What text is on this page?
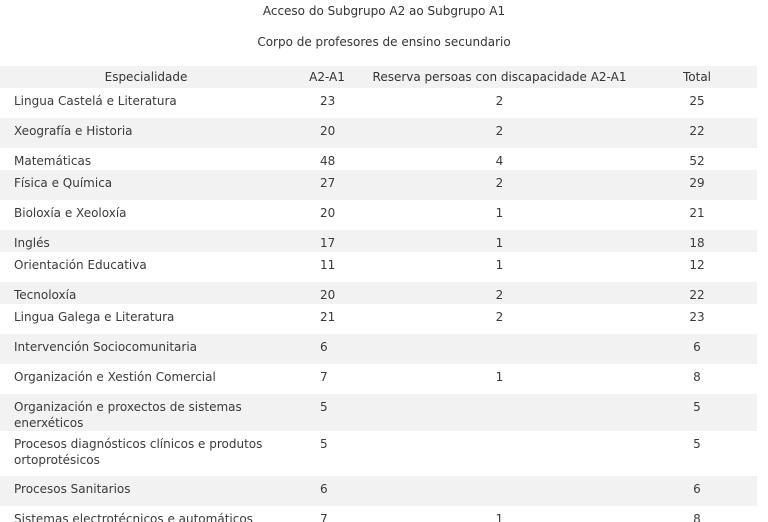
Acceso do Subgrupo A2 ao Subgrupo A1
Corpo de profesores de ensino secundario
Especialidade	A2-A1	Reserva persoas con discapacidade A2-A1	Total
Lingua Castelá e Literatura	23	2	25
Xeografía e Historia	20	2	22
Matemáticas	48	4	52
Física e Química	27	2	29
Bioloxía e Xeoloxía	20	1	21
Inglés	17	1	18
Orientación Educativa	11	1	12
Tecnoloxía	20	2	22
Lingua Galega e Literatura	21	2	23
Intervención Sociocomunitaria	6		6
Organización e Xestión Comercial	7	1	8
Organización e proxectos de sistemas enerxéticos	5		5
Procesos diagnósticos clínicos e produtos ortoprotésicos	5		5
Procesos Sanitarios	6		6
Sistemas electrotécnicos e automáticos	7	1	8
